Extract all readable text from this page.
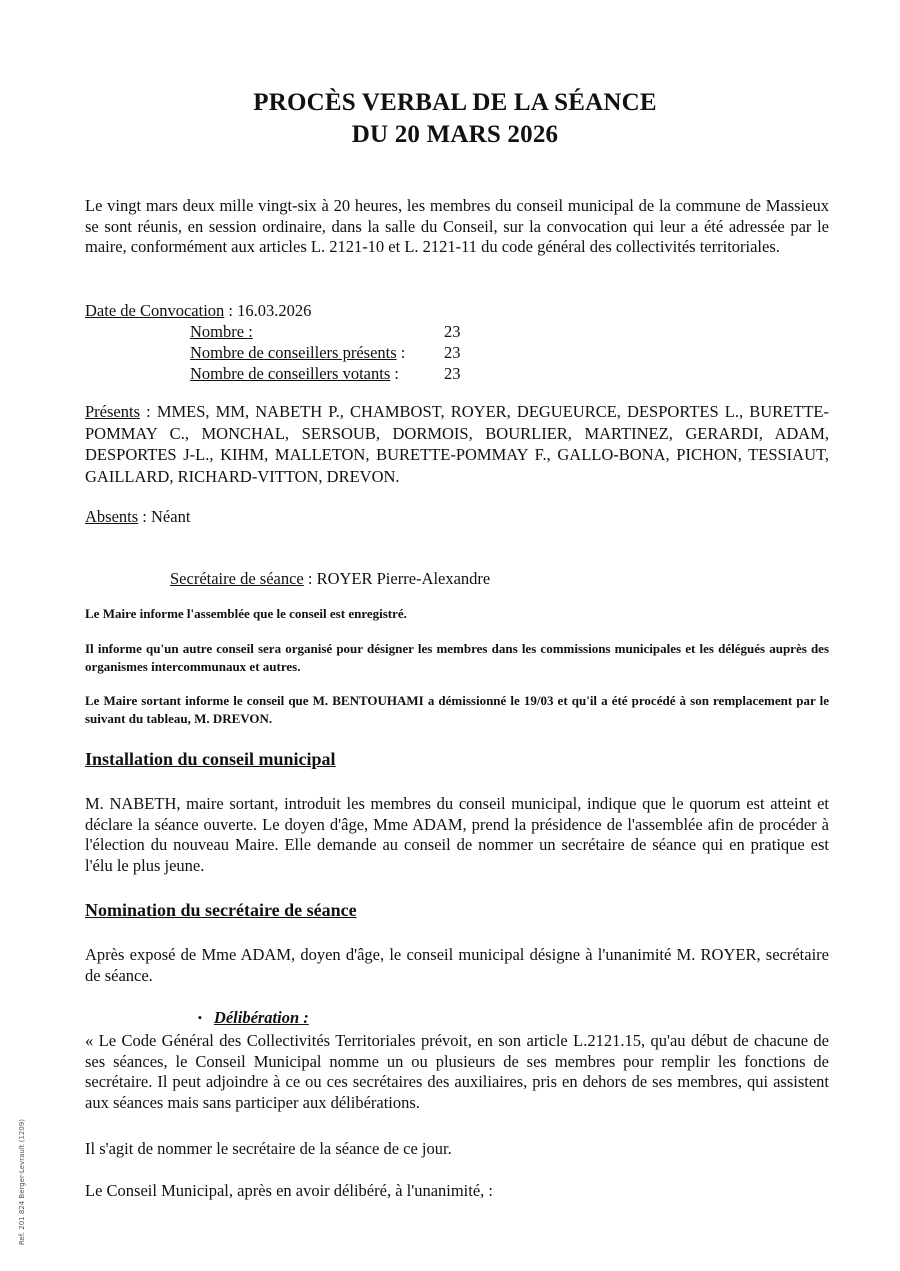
PROCÈS VERBAL DE LA SÉANCE
DU 20 MARS 2026
Le vingt mars deux mille vingt-six à 20 heures, les membres du conseil municipal de la commune de Massieux se sont réunis, en session ordinaire, dans la salle du Conseil, sur la convocation qui leur a été adressée par le maire, conformément aux articles L. 2121-10 et L. 2121-11 du code général des collectivités territoriales.
Date de Convocation : 16.03.2026
Nombre :	23
Nombre de conseillers présents : 23
Nombre de conseillers votants :	23
Présents : MMES, MM, NABETH P., CHAMBOST, ROYER, DEGUEURCE, DESPORTES L., BURETTE-POMMAY C., MONCHAL, SERSOUB, DORMOIS, BOURLIER, MARTINEZ, GERARDI, ADAM, DESPORTES J-L., KIHM, MALLETON, BURETTE-POMMAY F., GALLO-BONA, PICHON, TESSIAUT, GAILLARD, RICHARD-VITTON, DREVON.
Absents : Néant
Secrétaire de séance : ROYER Pierre-Alexandre
Le Maire informe l'assemblée que le conseil est enregistré.
Il informe qu'un autre conseil sera organisé pour désigner les membres dans les commissions municipales et les délégués auprès des organismes intercommunaux et autres.
Le Maire sortant informe le conseil que M. BENTOUHAMI a démissionné le 19/03 et qu'il a été procédé à son remplacement par le suivant du tableau, M. DREVON.
Installation du conseil municipal
M. NABETH, maire sortant, introduit les membres du conseil municipal, indique que le quorum est atteint et déclare la séance ouverte. Le doyen d'âge, Mme ADAM, prend la présidence de l'assemblée afin de procéder à l'élection du nouveau Maire. Elle demande au conseil de nommer un secrétaire de séance qui en pratique est l'élu le plus jeune.
Nomination du secrétaire de séance
Après exposé de Mme ADAM, doyen d'âge, le conseil municipal désigne à l'unanimité M. ROYER, secrétaire de séance.
▪ Délibération :
« Le Code Général des Collectivités Territoriales prévoit, en son article L.2121.15, qu'au début de chacune de ses séances, le Conseil Municipal nomme un ou plusieurs de ses membres pour remplir les fonctions de secrétaire. Il peut adjoindre à ce ou ces secrétaires des auxiliaires, pris en dehors de ses membres, qui assistent aux séances mais sans participer aux délibérations.
Il s'agit de nommer le secrétaire de la séance de ce jour.
Le Conseil Municipal, après en avoir délibéré, à l'unanimité, :
Ref. 201 824 Berger-Levrault (1209)
